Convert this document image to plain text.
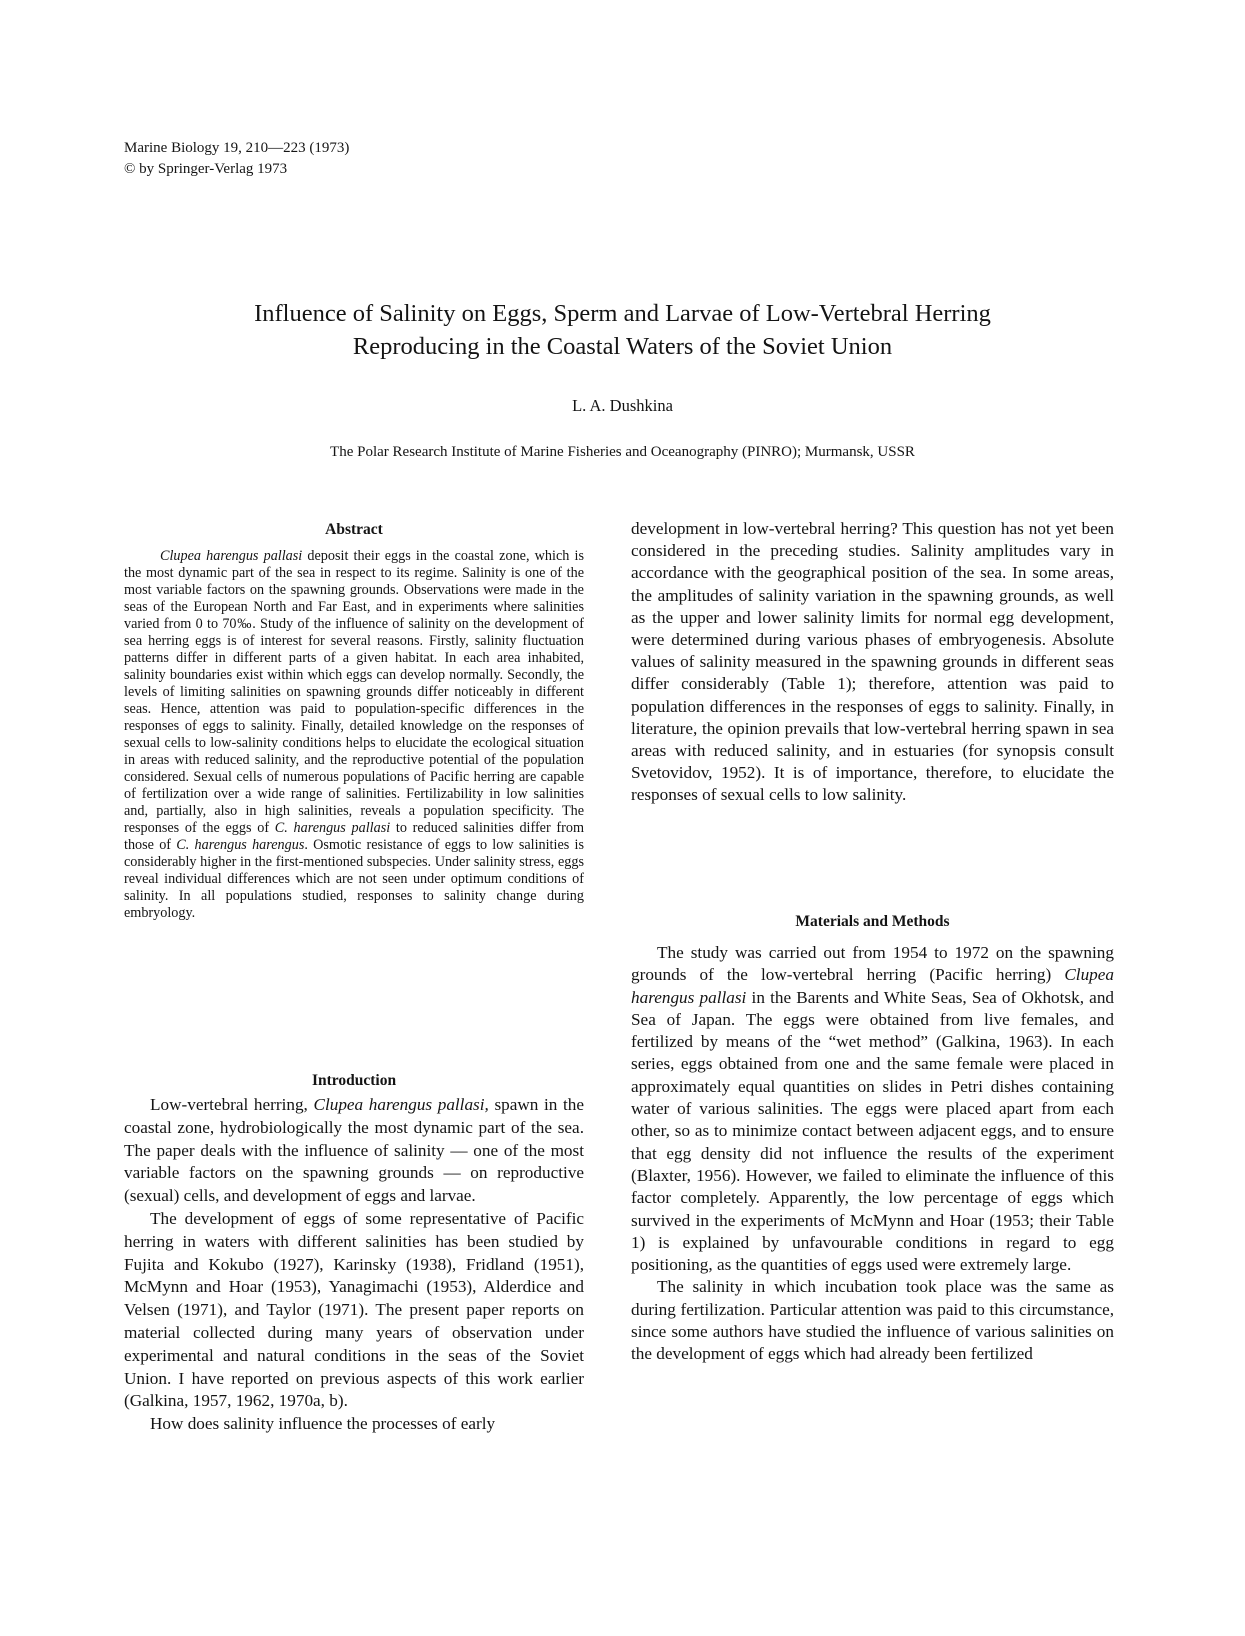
Marine Biology 19, 210—223 (1973)
© by Springer-Verlag 1973
Influence of Salinity on Eggs, Sperm and Larvae of Low-Vertebral Herring
Reproducing in the Coastal Waters of the Soviet Union
L. A. Dushkina
The Polar Research Institute of Marine Fisheries and Oceanography (PINRO); Murmansk, USSR
Abstract

Clupea harengus pallasi deposit their eggs in the coastal zone, which is the most dynamic part of the sea in respect to its regime. Salinity is one of the most variable factors on the spawning grounds. Observations were made in the seas of the European North and Far East, and in experiments where salinities varied from 0 to 70‰. Study of the influence of salinity on the development of sea herring eggs is of interest for several reasons. Firstly, salinity fluctuation patterns differ in different parts of a given habitat. In each area inhabited, salinity boundaries exist within which eggs can develop normally. Secondly, the levels of limiting salinities on spawning grounds differ noticeably in different seas. Hence, attention was paid to population-specific differences in the responses of eggs to salinity. Finally, detailed knowledge on the responses of sexual cells to low-salinity conditions helps to elucidate the ecological situation in areas with reduced salinity, and the reproductive potential of the population considered. Sexual cells of numerous populations of Pacific herring are capable of fertilization over a wide range of salinities. Fertilizability in low salinities and, partially, also in high salinities, reveals a population specificity. The responses of the eggs of C. harengus pallasi to reduced salinities differ from those of C. harengus harengus. Osmotic resistance of eggs to low salinities is considerably higher in the first-mentioned subspecies. Under salinity stress, eggs reveal individual differences which are not seen under optimum conditions of salinity. In all populations studied, responses to salinity change during embryology.

Introduction

Low-vertebral herring, Clupea harengus pallasi, spawn in the coastal zone, hydrobiologically the most dynamic part of the sea. The paper deals with the influence of salinity — one of the most variable factors on the spawning grounds — on reproductive (sexual) cells, and development of eggs and larvae.

The development of eggs of some representative of Pacific herring in waters with different salinities has been studied by Fujita and Kokubo (1927), Karinsky (1938), Fridland (1951), McMynn and Hoar (1953), Yanagimachi (1953), Alderdice and Velsen (1971), and Taylor (1971). The present paper reports on material collected during many years of observation under experimental and natural conditions in the seas of the Soviet Union. I have reported on previous aspects of this work earlier (Galkina, 1957, 1962, 1970a, b).

How does salinity influence the processes of early

development in low-vertebral herring? This question has not yet been considered in the preceding studies. Salinity amplitudes vary in accordance with the geographical position of the sea. In some areas, the amplitudes of salinity variation in the spawning grounds, as well as the upper and lower salinity limits for normal egg development, were determined during various phases of embryogenesis. Absolute values of salinity measured in the spawning grounds in different seas differ considerably (Table 1); therefore, attention was paid to population differences in the responses of eggs to salinity. Finally, in literature, the opinion prevails that low-vertebral herring spawn in sea areas with reduced salinity, and in estuaries (for synopsis consult Svetovidov, 1952). It is of importance, therefore, to elucidate the responses of sexual cells to low salinity.

Materials and Methods

The study was carried out from 1954 to 1972 on the spawning grounds of the low-vertebral herring (Pacific herring) Clupea harengus pallasi in the Barents and White Seas, Sea of Okhotsk, and Sea of Japan. The eggs were obtained from live females, and fertilized by means of the “wet method” (Galkina, 1963). In each series, eggs obtained from one and the same female were placed in approximately equal quantities on slides in Petri dishes containing water of various salinities. The eggs were placed apart from each other, so as to minimize contact between adjacent eggs, and to ensure that egg density did not influence the results of the experiment (Blaxter, 1956). However, we failed to eliminate the influence of this factor completely. Apparently, the low percentage of eggs which survived in the experiments of McMynn and Hoar (1953; their Table 1) is explained by unfavourable conditions in regard to egg positioning, as the quantities of eggs used were extremely large.

The salinity in which incubation took place was the same as during fertilization. Particular attention was paid to this circumstance, since some authors have studied the influence of various salinities on the development of eggs which had already been fertilized
